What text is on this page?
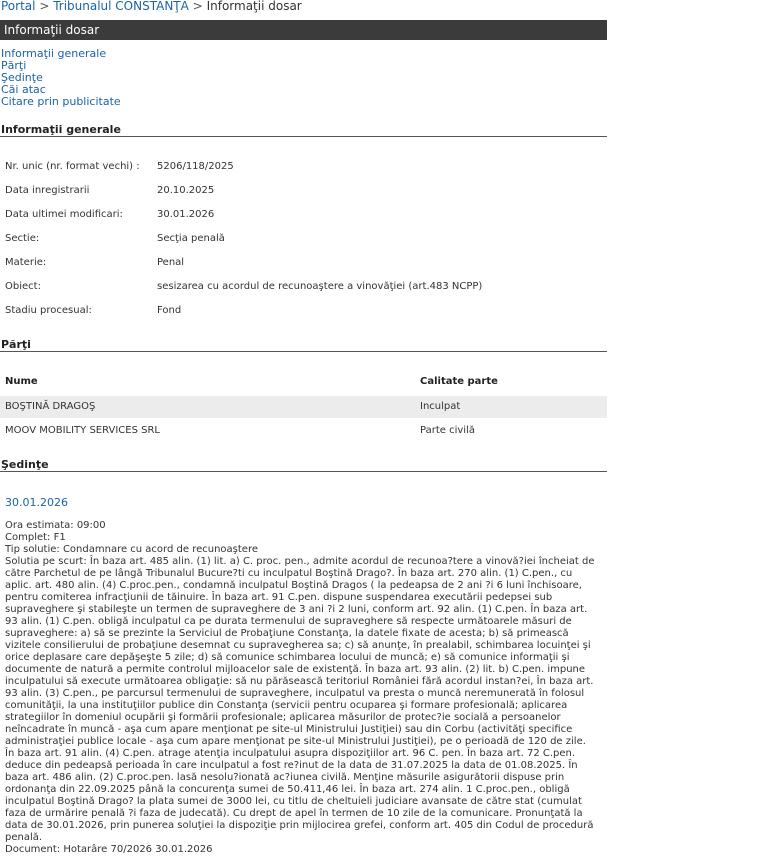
Portal > Tribunalul CONSTANŢA > Informaţii dosar
Informaţii dosar
Informaţii generale
Părţi
Şedinţe
Căi atac
Citare prin publicitate
Informaţii generale
Nr. unic (nr. format vechi) : 5206/118/2025
Data inregistrarii	20.10.2025
Data ultimei modificari:	30.01.2026
Sectie:	Secţia penală
Materie:	Penal
Obiect:	sesizarea cu acordul de recunoaştere a vinovăţiei (art.483 NCPP)
Stadiu procesual:	Fond
Părţi
Nume	Calitate parte
BOŞTINĂ DRAGOŞ	Inculpat
MOOV MOBILITY SERVICES SRL	Parte civilă
Şedinţe
30.01.2026
Ora estimata: 09:00
Complet: F1
Tip solutie: Condamnare cu acord de recunoaştere
Solutia pe scurt: În baza art. 485 alin. (1) lit. a) C. proc. pen., admite acordul de recunoa?tere a vinovă?iei încheiat de către Parchetul de pe lângă Tribunalul Bucure?ti cu inculpatul Boştină Drago?. În baza art. 270 alin. (1) C.pen., cu aplic. art. 480 alin. (4) C.proc.pen., condamnă inculpatul Boştină Dragos ( la pedeapsa de 2 ani ?i 6 luni închisoare, pentru comiterea infracţiunii de tăinuire. În baza art. 91 C.pen. dispune suspendarea executării pedepsei sub supraveghere şi stabileşte un termen de supraveghere de 3 ani ?i 2 luni, conform art. 92 alin. (1) C.pen. În baza art. 93 alin. (1) C.pen. obligă inculpatul ca pe durata termenului de supraveghere să respecte următoarele măsuri de supraveghere: a) să se prezinte la Serviciul de Probaţiune Constanţa, la datele fixate de acesta; b) să primească vizitele consilierului de probaţiune desemnat cu supravegherea sa; c) să anunţe, în prealabil, schimbarea locuinţei şi orice deplasare care depăşeşte 5 zile; d) să comunice schimbarea locului de muncă; e) să comunice informaţii şi documente de natură a permite controlul mijloacelor sale de existenţă. În baza art. 93 alin. (2) lit. b) C.pen. impune inculpatului să execute următoarea obligaţie: să nu părăsească teritoriul României fără acordul instan?ei, În baza art. 93 alin. (3) C.pen., pe parcursul termenului de supraveghere, inculpatul va presta o muncă neremunerată în folosul comunităţii, la una instituţiilor publice din Constanţa (servicii pentru ocuparea şi formare profesională; aplicarea strategiilor în domeniul ocupării şi formării profesionale; aplicarea măsurilor de protec?ie socială a persoanelor neîncadrate în muncă - aşa cum apare menţionat pe site-ul Ministrului Justiţiei) sau din Corbu (activităţi specifice administraţiei publice locale - aşa cum apare menţionat pe site-ul Ministrului Justiţiei), pe o perioadă de 120 de zile. În baza art. 91 alin. (4) C.pen. atrage atenţia inculpatului asupra dispoziţiilor art. 96 C. pen. În baza art. 72 C.pen. deduce din pedeapsă perioada în care inculpatul a fost re?inut de la data de 31.07.2025 la data de 01.08.2025. În baza art. 486 alin. (2) C.proc.pen. lasă nesolu?ionată ac?iunea civilă. Menţine măsurile asigurătorii dispuse prin ordonanţa din 22.09.2025 până la concurenţa sumei de 50.411,46 lei. În baza art. 274 alin. 1 C.proc.pen., obligă inculpatul Boştină Drago? la plata sumei de 3000 lei, cu titlu de cheltuieli judiciare avansate de către stat (cumulat faza de urmărire penală ?i faza de judecată). Cu drept de apel în termen de 10 zile de la comunicare. Pronunţată la data de 30.01.2026, prin punerea soluţiei la dispoziţie prin mijlocirea grefei, conform art. 405 din Codul de procedură penală.
Document: Hotarâre 70/2026 30.01.2026
